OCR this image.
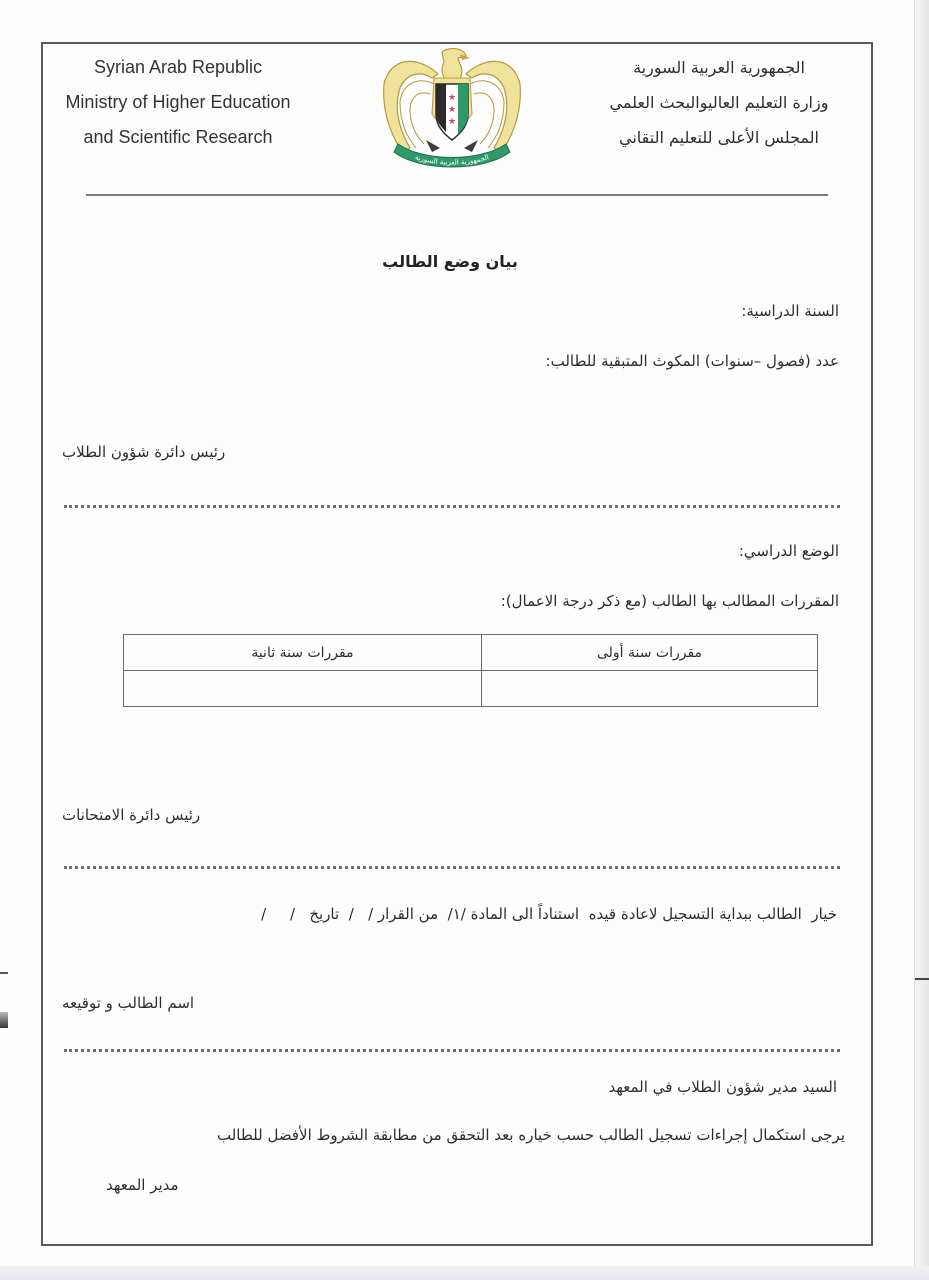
Syrian Arab Republic
Ministry of Higher Education
and Scientific Research
★
★
★
الجمهورية العربية السورية
الجمهورية العربية السورية
وزارة التعليم العاليوالبحث العلمي
المجلس الأعلى للتعليم التقاني
بيان وضع الطالب
السنة الدراسية:
عدد (فصول –سنوات) المكوث المتبقية للطالب:
رئيس دائرة شؤون الطلاب
الوضع الدراسي:
المقررات المطالب بها الطالب (مع ذكر درجة الاعمال):
مقررات سنة أولى	مقررات سنة ثانية

رئيس دائرة الامتحانات
خيار  الطالب ببداية التسجيل لاعادة قيده  استناداً الى المادة /١/  من القرار /   /  تاريخ   /     /
اسم الطالب و توقيعه
السيد مدير شؤون الطلاب في المعهد
يرجى استكمال إجراءات تسجيل الطالب حسب خياره بعد التحقق من مطابقة الشروط الأفضل للطالب
مدير المعهد
